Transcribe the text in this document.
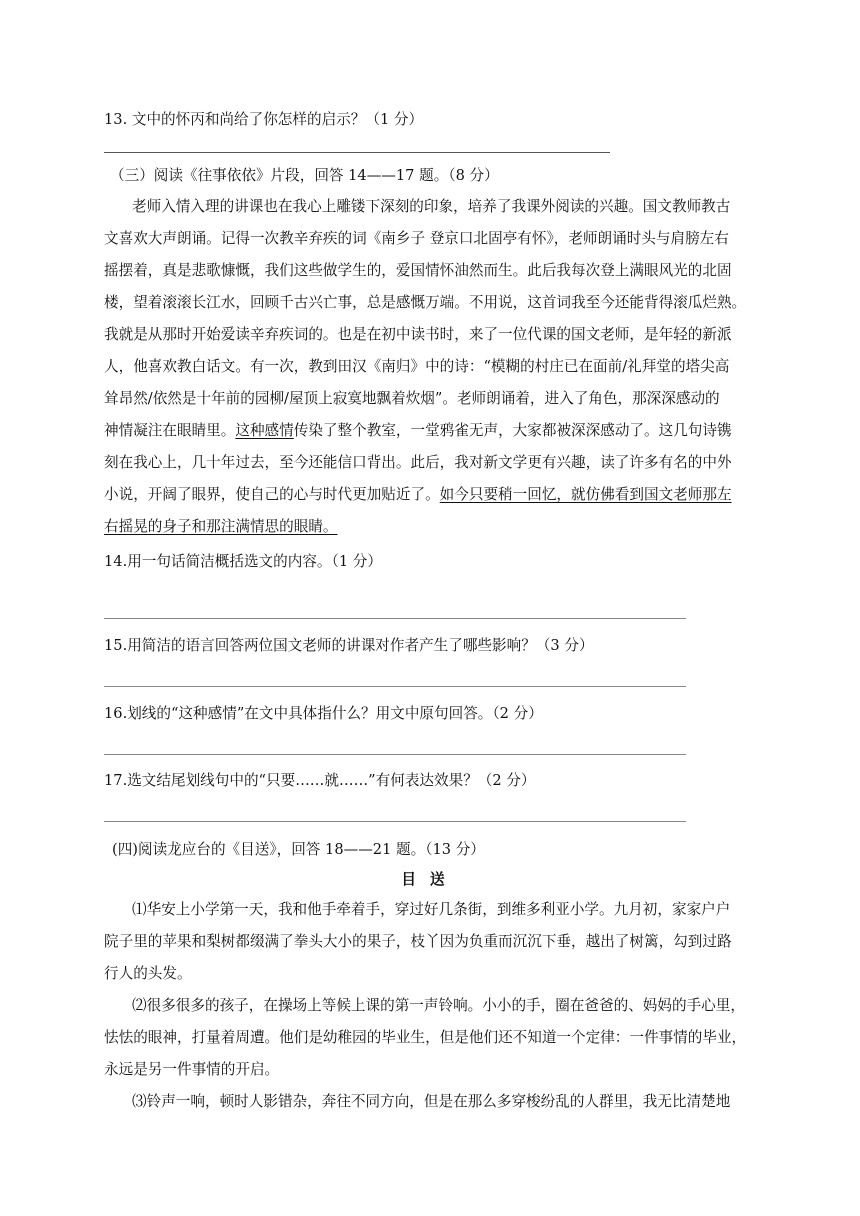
13. 文中的怀丙和尚给了你怎样的启示？（1 分）
（三）阅读《往事依依》片段，回答 14——17 题。（8 分）
老师入情入理的讲课也在我心上雕镂下深刻的印象，培养了我课外阅读的兴趣。国文教师教古
文喜欢大声朗诵。记得一次教辛弃疾的词《南乡子 登京口北固亭有怀》，老师朗诵时头与肩膀左右
摇摆着，真是悲歌慷慨，我们这些做学生的，爱国情怀油然而生。此后我每次登上满眼风光的北固
楼，望着滚滚长江水，回顾千古兴亡事，总是感慨万端。不用说，这首词我至今还能背得滚瓜烂熟。
我就是从那时开始爱读辛弃疾词的。也是在初中读书时，来了一位代课的国文老师，是年轻的新派
人，他喜欢教白话文。有一次，教到田汉《南归》中的诗：“模糊的村庄已在面前/礼拜堂的塔尖高
耸昂然/依然是十年前的园柳/屋顶上寂寞地飘着炊烟”。老师朗诵着，进入了角色，那深深感动的
神情凝注在眼睛里。这种感情传染了整个教室，一堂鸦雀无声，大家都被深深感动了。这几句诗镌
刻在我心上，几十年过去，至今还能信口背出。此后，我对新文学更有兴趣，读了许多有名的中外
小说，开阔了眼界，使自己的心与时代更加贴近了。如今只要稍一回忆，就仿佛看到国文老师那左
右摇晃的身子和那注满情思的眼睛。
14.用一句话简洁概括选文的内容。（1 分）
15.用简洁的语言回答两位国文老师的讲课对作者产生了哪些影响？（3 分）
16.划线的“这种感情”在文中具体指什么？用文中原句回答。（2 分）
17.选文结尾划线句中的“只要……就……”有何表达效果？（2 分）
(四)阅读龙应台的《目送》，回答 18——21 题。（13 分）
目送
⑴华安上小学第一天，我和他手牵着手，穿过好几条街，到维多利亚小学。九月初，家家户户
院子里的苹果和梨树都缀满了拳头大小的果子，枝丫因为负重而沉沉下垂，越出了树篱，勾到过路
行人的头发。
⑵很多很多的孩子，在操场上等候上课的第一声铃响。小小的手，圈在爸爸的、妈妈的手心里，
怯怯的眼神，打量着周遭。他们是幼稚园的毕业生，但是他们还不知道一个定律：一件事情的毕业，
永远是另一件事情的开启。
⑶铃声一响，顿时人影错杂，奔往不同方向，但是在那么多穿梭纷乱的人群里，我无比清楚地
